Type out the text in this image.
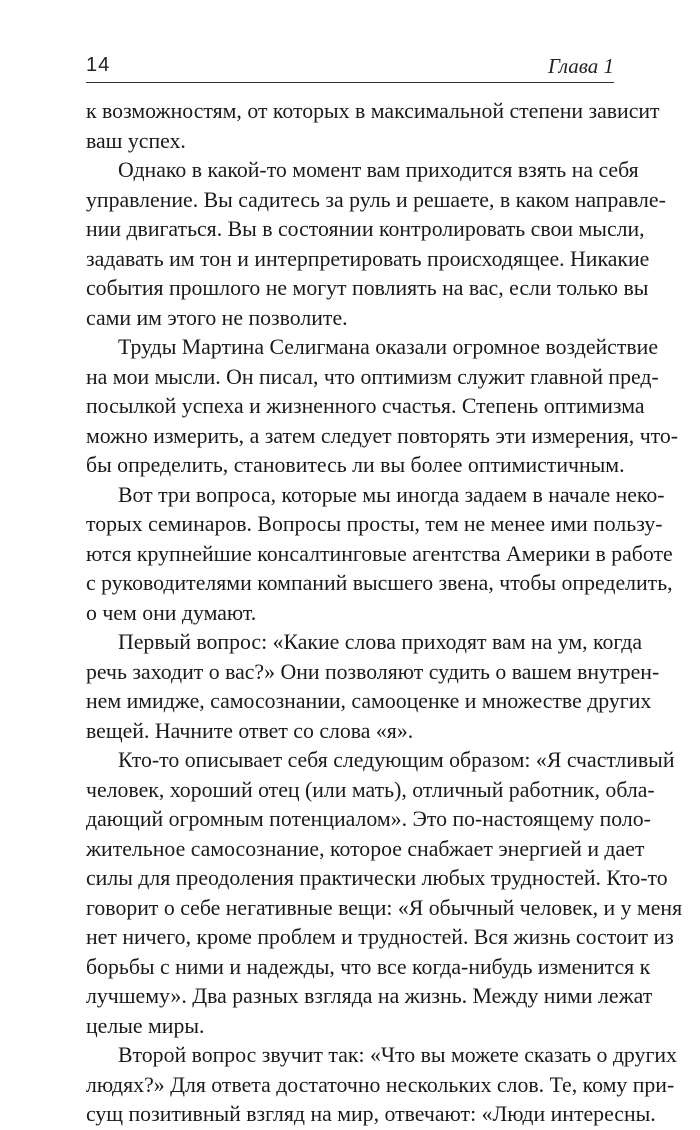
14	Глава 1
к возможностям, от которых в максимальной степени зависит
ваш успех.
Однако в какой-то момент вам приходится взять на себя
управление. Вы садитесь за руль и решаете, в каком направле-
нии двигаться. Вы в состоянии контролировать свои мысли,
задавать им тон и интерпретировать происходящее. Никакие
события прошлого не могут повлиять на вас, если только вы
сами им этого не позволите.
Труды Мартина Селигмана оказали огромное воздействие
на мои мысли. Он писал, что оптимизм служит главной пред-
посылкой успеха и жизненного счастья. Степень оптимизма
можно измерить, а затем следует повторять эти измерения, что-
бы определить, становитесь ли вы более оптимистичным.
Вот три вопроса, которые мы иногда задаем в начале неко-
торых семинаров. Вопросы просты, тем не менее ими пользу-
ются крупнейшие консалтинговые агентства Америки в работе
с руководителями компаний высшего звена, чтобы определить,
о чем они думают.
Первый вопрос: «Какие слова приходят вам на ум, когда
речь заходит о вас?» Они позволяют судить о вашем внутрен-
нем имидже, самосознании, самооценке и множестве других
вещей. Начните ответ со слова «я».
Кто-то описывает себя следующим образом: «Я счастливый
человек, хороший отец (или мать), отличный работник, обла-
дающий огромным потенциалом». Это по-настоящему поло-
жительное самосознание, которое снабжает энергией и дает
силы для преодоления практически любых трудностей. Кто-то
говорит о себе негативные вещи: «Я обычный человек, и у меня
нет ничего, кроме проблем и трудностей. Вся жизнь состоит из
борьбы с ними и надежды, что все когда-нибудь изменится к
лучшему». Два разных взгляда на жизнь. Между ними лежат
целые миры.
Второй вопрос звучит так: «Что вы можете сказать о других
людях?» Для ответа достаточно нескольких слов. Те, кому при-
сущ позитивный взгляд на мир, отвечают: «Люди интересны.
